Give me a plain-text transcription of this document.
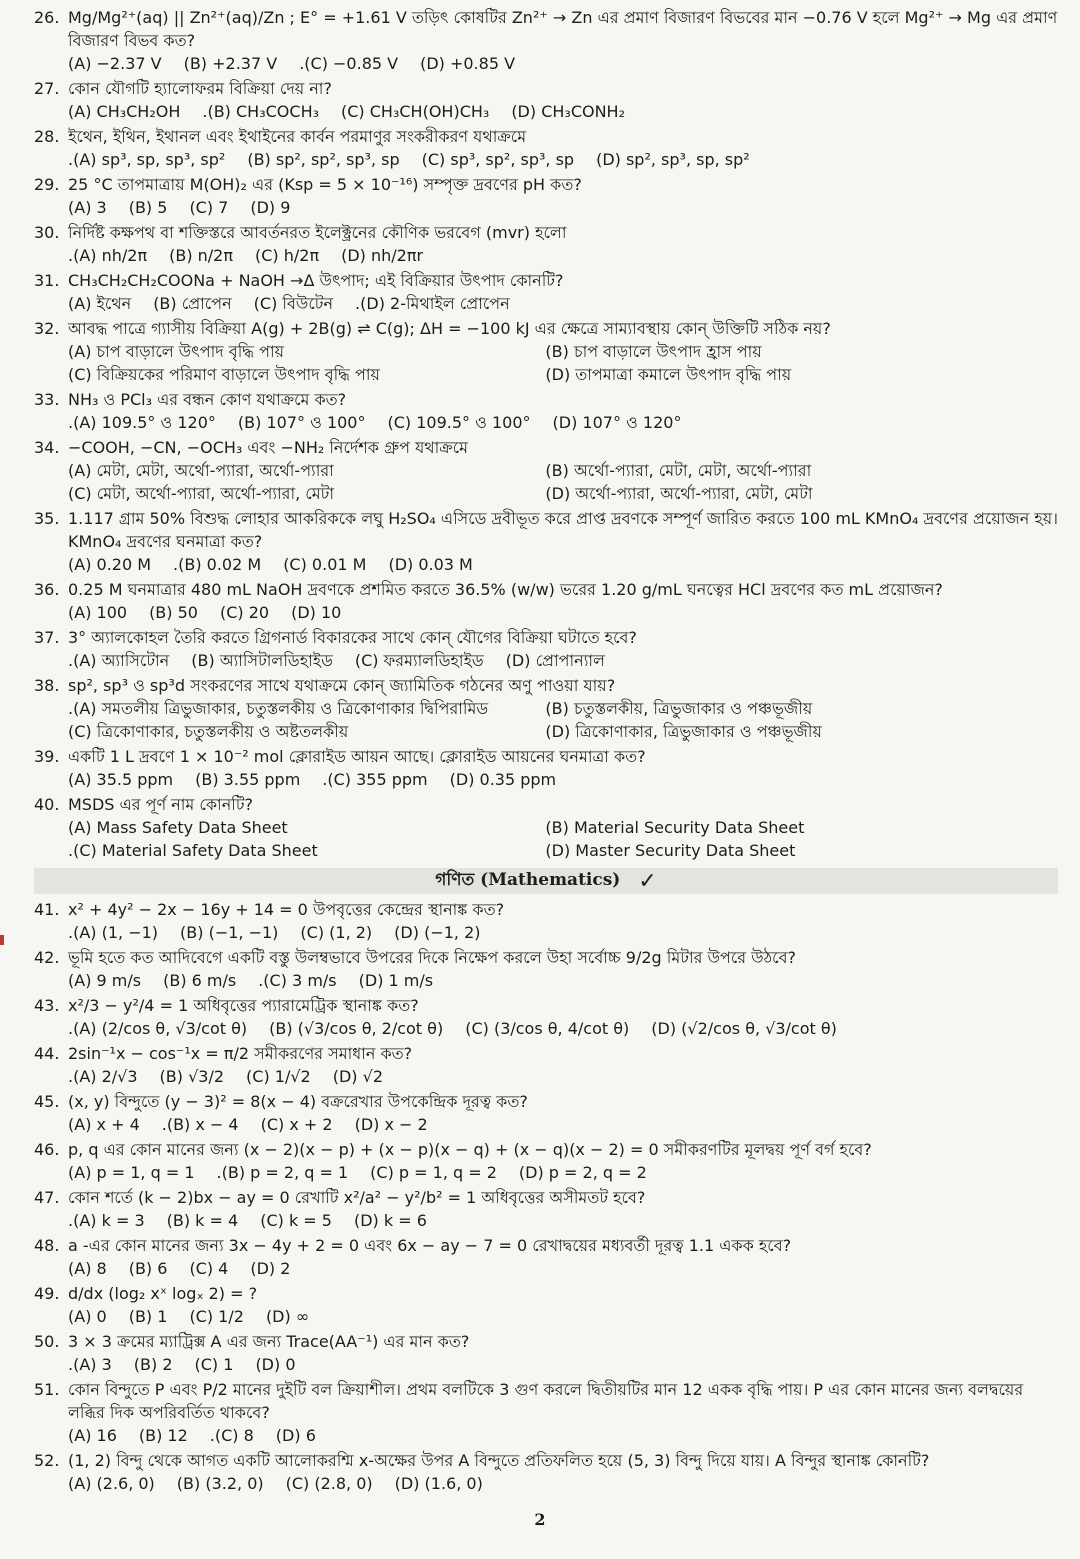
26. Mg/Mg²⁺(aq) || Zn²⁺(aq)/Zn ; E° = +1.61 V তড়িৎ কোষটির Zn²⁺ → Zn এর প্রমাণ বিজারণ বিভবের মান −0.76 V হলে Mg²⁺ → Mg এর প্রমাণ বিজারণ বিভব কত?
(A) −2.37 V (B) +2.37 V .(C) −0.85 V (D) +0.85 V
27. কোন যৌগটি হ্যালোফরম বিক্রিয়া দেয় না?
(A) CH₃CH₂OH .(B) CH₃COCH₃ (C) CH₃CH(OH)CH₃ (D) CH₃CONH₂
28. ইথেন, ইথিন, ইথানল এবং ইথাইনের কার্বন পরমাণুর সংকরীকরণ যথাক্রমে
.(A) sp³, sp, sp³, sp² (B) sp², sp², sp³, sp (C) sp³, sp², sp³, sp (D) sp², sp³, sp, sp²
29. 25 °C তাপমাত্রায় M(OH)₂ এর (Ksp = 5 × 10⁻¹⁶) সম্পৃক্ত দ্রবণের pH কত?
(A) 3 (B) 5 (C) 7 (D) 9
30. নির্দিষ্ট কক্ষপথ বা শক্তিস্তরে আবর্তনরত ইলেক্ট্রনের কৌণিক ভরবেগ (mvr) হলো
.(A) nh/2π (B) n/2π (C) h/2π (D) nh/2πr
31. CH₃CH₂CH₂COONa + NaOH →Δ উৎপাদ; এই বিক্রিয়ার উৎপাদ কোনটি?
(A) ইথেন (B) প্রোপেন (C) বিউটেন .(D) 2-মিথাইল প্রোপেন
32. আবদ্ধ পাত্রে গ্যাসীয় বিক্রিয়া A(g) + 2B(g) ⇌ C(g); ΔH = −100 kJ এর ক্ষেত্রে সাম্যাবস্থায় কোন্‌ উক্তিটি সঠিক নয়?
(A) চাপ বাড়ালে উৎপাদ বৃদ্ধি পায়	(B) চাপ বাড়ালে উৎপাদ হ্রাস পায়
(C) বিক্রিয়কের পরিমাণ বাড়ালে উৎপাদ বৃদ্ধি পায়	(D) তাপমাত্রা কমালে উৎপাদ বৃদ্ধি পায়
33. NH₃ ও PCl₃ এর বন্ধন কোণ যথাক্রমে কত?
.(A) 109.5° ও 120° (B) 107° ও 100° (C) 109.5° ও 100° (D) 107° ও 120°
34. −COOH, −CN, −OCH₃ এবং −NH₂ নির্দেশক গ্রুপ যথাক্রমে
(A) মেটা, মেটা, অর্থো-প্যারা, অর্থো-প্যারা	(B) অর্থো-প্যারা, মেটা, মেটা, অর্থো-প্যারা
(C) মেটা, অর্থো-প্যারা, অর্থো-প্যারা, মেটা	(D) অর্থো-প্যারা, অর্থো-প্যারা, মেটা, মেটা
35. 1.117 গ্রাম 50% বিশুদ্ধ লোহার আকরিককে লঘু H₂SO₄ এসিডে দ্রবীভূত করে প্রাপ্ত দ্রবণকে সম্পূর্ণ জারিত করতে 100 mL KMnO₄ দ্রবণের প্রয়োজন হয়। KMnO₄ দ্রবণের ঘনমাত্রা কত?
(A) 0.20 M .(B) 0.02 M (C) 0.01 M (D) 0.03 M
36. 0.25 M ঘনমাত্রার 480 mL NaOH দ্রবণকে প্রশমিত করতে 36.5% (w/w) ভরের 1.20 g/mL ঘনত্বের HCl দ্রবণের কত mL প্রয়োজন?
(A) 100 (B) 50 (C) 20 (D) 10
37. 3° অ্যালকোহল তৈরি করতে গ্রিগনার্ড বিকারকের সাথে কোন্‌ যৌগের বিক্রিয়া ঘটাতে হবে?
.(A) অ্যাসিটোন (B) অ্যাসিটালডিহাইড (C) ফরম্যালডিহাইড (D) প্রোপান্যাল
38. sp², sp³ ও sp³d সংকরণের সাথে যথাক্রমে কোন্‌ জ্যামিতিক গঠনের অণু পাওয়া যায়?
.(A) সমতলীয় ত্রিভুজাকার, চতুস্তলকীয় ও ত্রিকোণাকার দ্বিপিরামিড	(B) চতুস্তলকীয়, ত্রিভুজাকার ও পঞ্চভূজীয়
(C) ত্রিকোণাকার, চতুস্তলকীয় ও অষ্টতলকীয়	(D) ত্রিকোণাকার, ত্রিভুজাকার ও পঞ্চভূজীয়
39. একটি 1 L দ্রবণে 1 × 10⁻² mol ক্লোরাইড আয়ন আছে। ক্লোরাইড আয়নের ঘনমাত্রা কত?
(A) 35.5 ppm (B) 3.55 ppm .(C) 355 ppm (D) 0.35 ppm
40. MSDS এর পূর্ণ নাম কোনটি?
(A) Mass Safety Data Sheet	(B) Material Security Data Sheet
.(C) Material Safety Data Sheet	(D) Master Security Data Sheet
গণিত (Mathematics) ✓
41. x² + 4y² − 2x − 16y + 14 = 0 উপবৃত্তের কেন্দ্রের স্থানাঙ্ক কত?
.(A) (1, −1) (B) (−1, −1) (C) (1, 2) (D) (−1, 2)
42. ভূমি হতে কত আদিবেগে একটি বস্তু উলম্বভাবে উপরের দিকে নিক্ষেপ করলে উহা সর্বোচ্চ 9/2g মিটার উপরে উঠবে?
(A) 9 m/s (B) 6 m/s .(C) 3 m/s (D) 1 m/s
43. x²/3 − y²/4 = 1 অধিবৃত্তের প্যারামেট্রিক স্থানাঙ্ক কত?
.(A) (2/cos θ, √3/cot θ) (B) (√3/cos θ, 2/cot θ) (C) (3/cos θ, 4/cot θ) (D) (√2/cos θ, √3/cot θ)
44. 2sin⁻¹x − cos⁻¹x = π/2 সমীকরণের সমাধান কত?
.(A) 2/√3 (B) √3/2 (C) 1/√2 (D) √2
45. (x, y) বিন্দুতে (y − 3)² = 8(x − 4) বক্ররেখার উপকেন্দ্রিক দূরত্ব কত?
(A) x + 4 .(B) x − 4 (C) x + 2 (D) x − 2
46. p, q এর কোন মানের জন্য (x − 2)(x − p) + (x − p)(x − q) + (x − q)(x − 2) = 0 সমীকরণটির মূলদ্বয় পূর্ণ বর্গ হবে?
(A) p = 1, q = 1 .(B) p = 2, q = 1 (C) p = 1, q = 2 (D) p = 2, q = 2
47. কোন শর্তে (k − 2)bx − ay = 0 রেখাটি x²/a² − y²/b² = 1 অধিবৃত্তের অসীমতট হবে?
.(A) k = 3 (B) k = 4 (C) k = 5 (D) k = 6
48. a -এর কোন মানের জন্য 3x − 4y + 2 = 0 এবং 6x − ay − 7 = 0 রেখাদ্বয়ের মধ্যবর্তী দূরত্ব 1.1 একক হবে?
(A) 8 (B) 6 (C) 4 (D) 2
49. d/dx (log₂ xˣ logₓ 2) = ?
(A) 0 (B) 1 (C) 1/2 (D) ∞
50. 3 × 3 ক্রমের ম্যাট্রিক্স A এর জন্য Trace(AA⁻¹) এর মান কত?
.(A) 3 (B) 2 (C) 1 (D) 0
51. কোন বিন্দুতে P এবং P/2 মানের দুইটি বল ক্রিয়াশীল। প্রথম বলটিকে 3 গুণ করলে দ্বিতীয়টির মান 12 একক বৃদ্ধি পায়। P এর কোন মানের জন্য বলদ্বয়ের লব্ধির দিক অপরিবর্তিত থাকবে?
(A) 16 (B) 12 .(C) 8 (D) 6
52. (1, 2) বিন্দু থেকে আগত একটি আলোকরশ্মি x-অক্ষের উপর A বিন্দুতে প্রতিফলিত হয়ে (5, 3) বিন্দু দিয়ে যায়। A বিন্দুর স্থানাঙ্ক কোনটি?
(A) (2.6, 0) (B) (3.2, 0) (C) (2.8, 0) (D) (1.6, 0)
2
